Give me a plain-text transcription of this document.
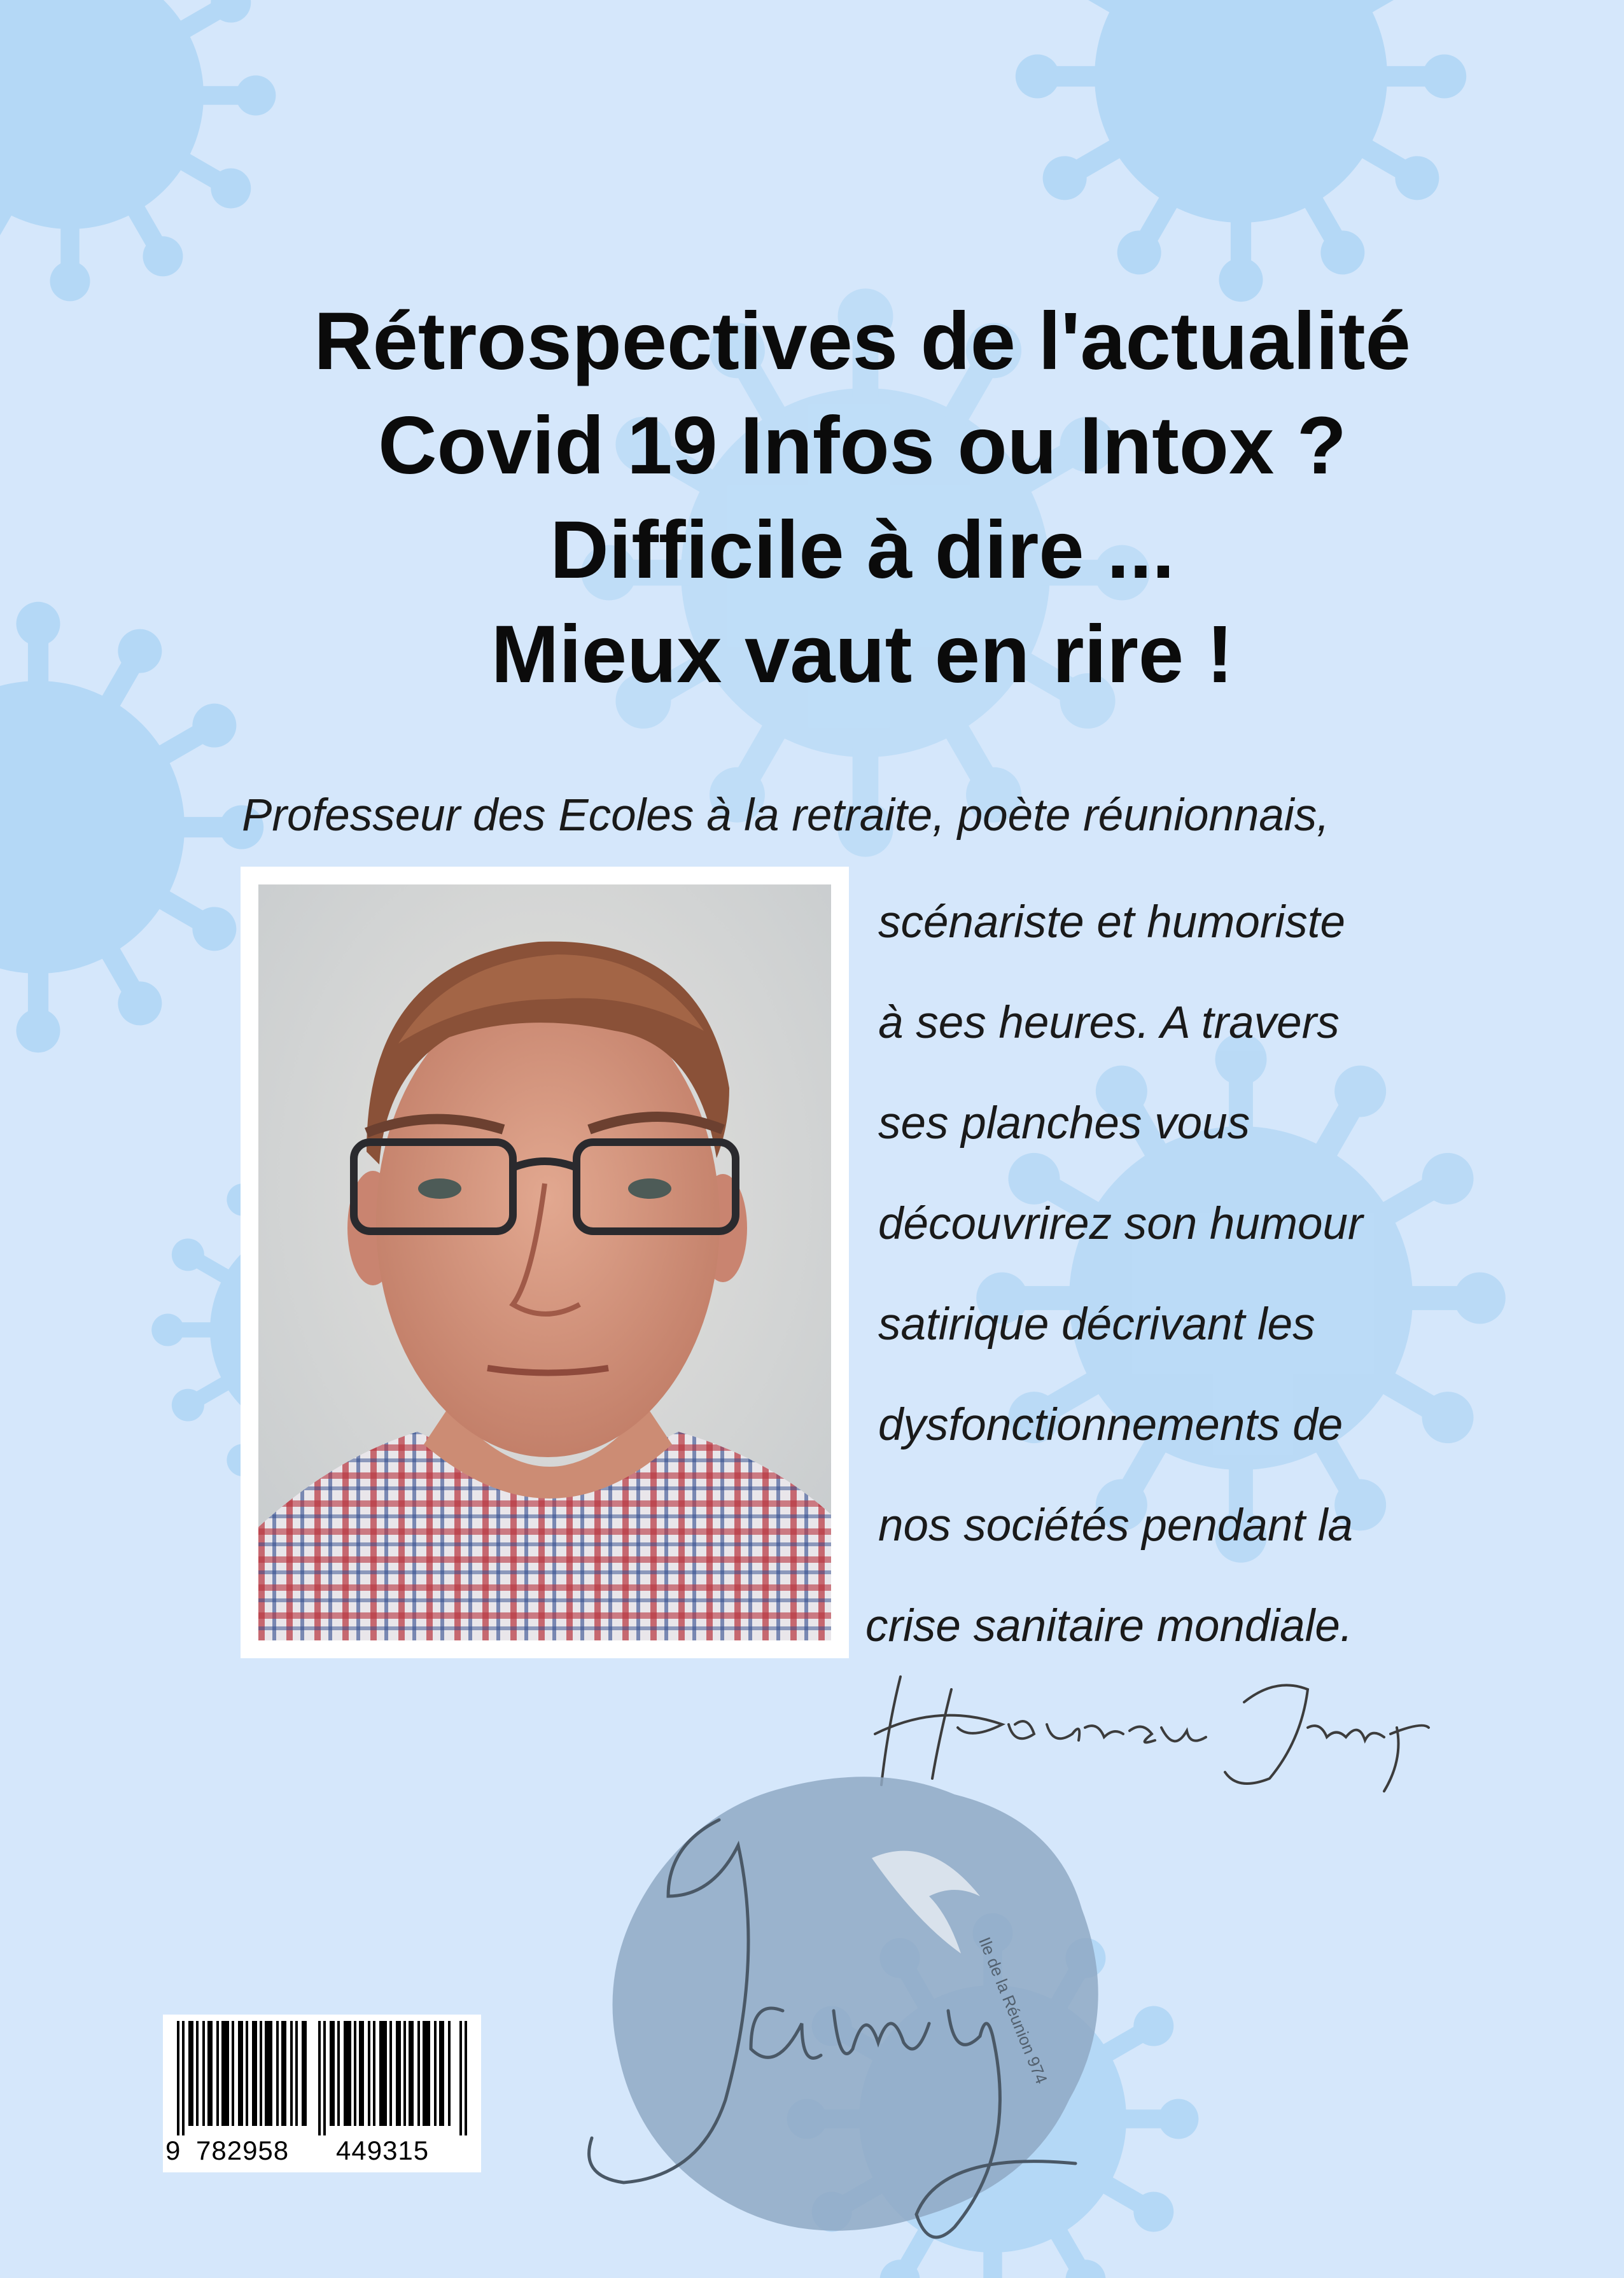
Rétrospectives de l'actualité
Covid 19 Infos ou Intox ?
Difficile à dire ...
Mieux vaut en rire !
Professeur des Ecoles à la retraite, poète réunionnais,
scénariste et humoriste
à ses heures. A travers
ses planches vous
découvrirez son humour
satirique décrivant les
dysfonctionnements de
nos sociétés pendant la
crise sanitaire mondiale.
Ile de la Réunion 974
9 782958 449315
